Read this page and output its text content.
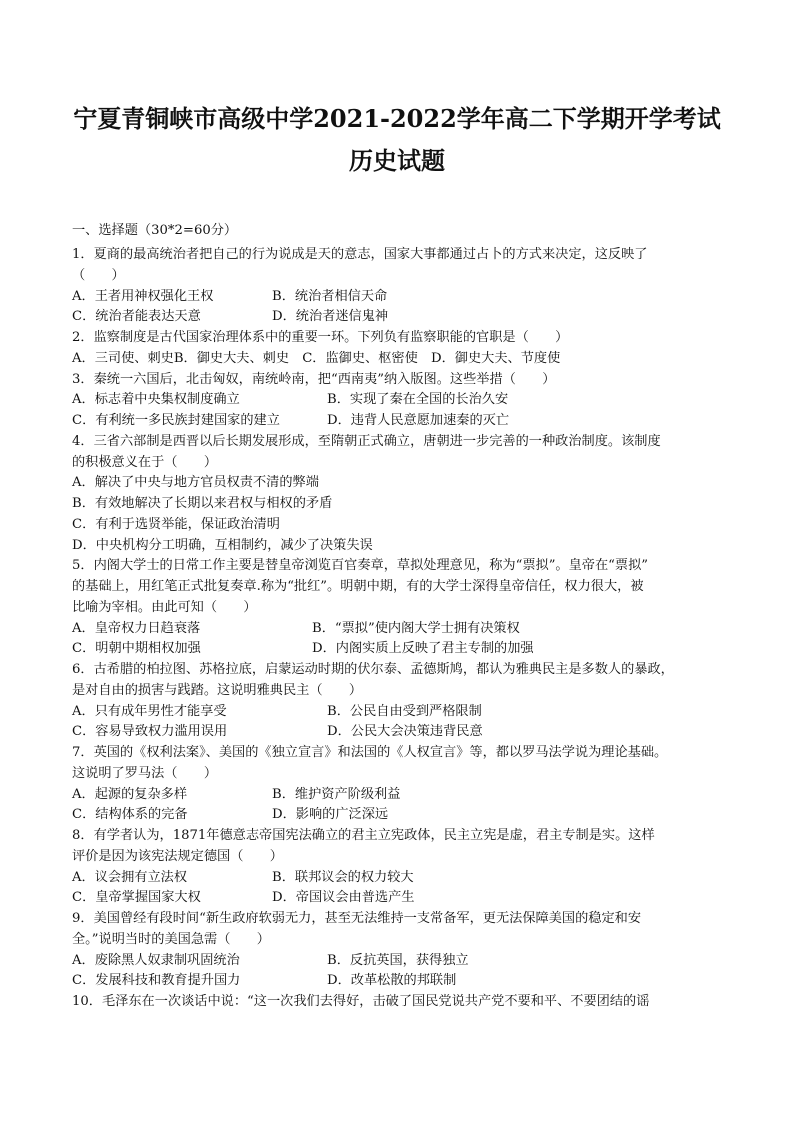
宁夏青铜峡市高级中学2021-2022学年高二下学期开学考试
历史试题
一、选择题（30*2=60分）
1．夏商的最高统治者把自己的行为说成是天的意志，国家大事都通过占卜的方式来决定，这反映了
（　　）
A．王者用神权强化王权	B．统治者相信天命
C．统治者能表达天意	D．统治者迷信鬼神
2．监察制度是古代国家治理体系中的重要一环。下列负有监察职能的官职是（　　）
A．三司使、刺史B．御史大夫、刺史　C．监御史、枢密使　D．御史大夫、节度使
3．秦统一六国后，北击匈奴，南统岭南，把“西南夷”纳入版图。这些举措（　　）
A．标志着中央集权制度确立	B．实现了秦在全国的长治久安
C．有利统一多民族封建国家的建立	D．违背人民意愿加速秦的灭亡
4．三省六部制是西晋以后长期发展形成，至隋朝正式确立，唐朝进一步完善的一种政治制度。该制度
的积极意义在于（　　）
A．解决了中央与地方官员权责不清的弊端
B．有效地解决了长期以来君权与相权的矛盾
C．有利于选贤举能，保证政治清明
D．中央机构分工明确，互相制约，减少了决策失误
5．内阁大学士的日常工作主要是替皇帝浏览百官奏章，草拟处理意见，称为“票拟”。皇帝在“票拟”
的基础上，用红笔正式批复奏章.称为“批红”。明朝中期，有的大学士深得皇帝信任，权力很大，被
比喻为宰相。由此可知（　　）
A．皇帝权力日趋衰落	B．“票拟”使内阁大学士拥有决策权
C．明朝中期相权加强	D．内阁实质上反映了君主专制的加强
6．古希腊的柏拉图、苏格拉底，启蒙运动时期的伏尔泰、孟德斯鸠，都认为雅典民主是多数人的暴政，
是对自由的损害与践踏。这说明雅典民主（　　）
A．只有成年男性才能享受	B．公民自由受到严格限制
C．容易导致权力滥用误用	D．公民大会决策违背民意
7．英国的《权利法案》、美国的《独立宣言》和法国的《人权宣言》等，都以罗马法学说为理论基础。
这说明了罗马法（　　）
A．起源的复杂多样	B．维护资产阶级利益
C．结构体系的完备	D．影响的广泛深远
8．有学者认为，1871年德意志帝国宪法确立的君主立宪政体，民主立宪是虚，君主专制是实。这样
评价是因为该宪法规定德国（　　）
A．议会拥有立法权	B．联邦议会的权力较大
C．皇帝掌握国家大权	D．帝国议会由普选产生
9．美国曾经有段时间“新生政府软弱无力，甚至无法维持一支常备军，更无法保障美国的稳定和安
全。”说明当时的美国急需（　　）
A．废除黑人奴隶制巩固统治	B．反抗英国，获得独立
C．发展科技和教育提升国力	D．改革松散的邦联制
10．毛泽东在一次谈话中说：“这一次我们去得好，击破了国民党说共产党不要和平、不要团结的谣
